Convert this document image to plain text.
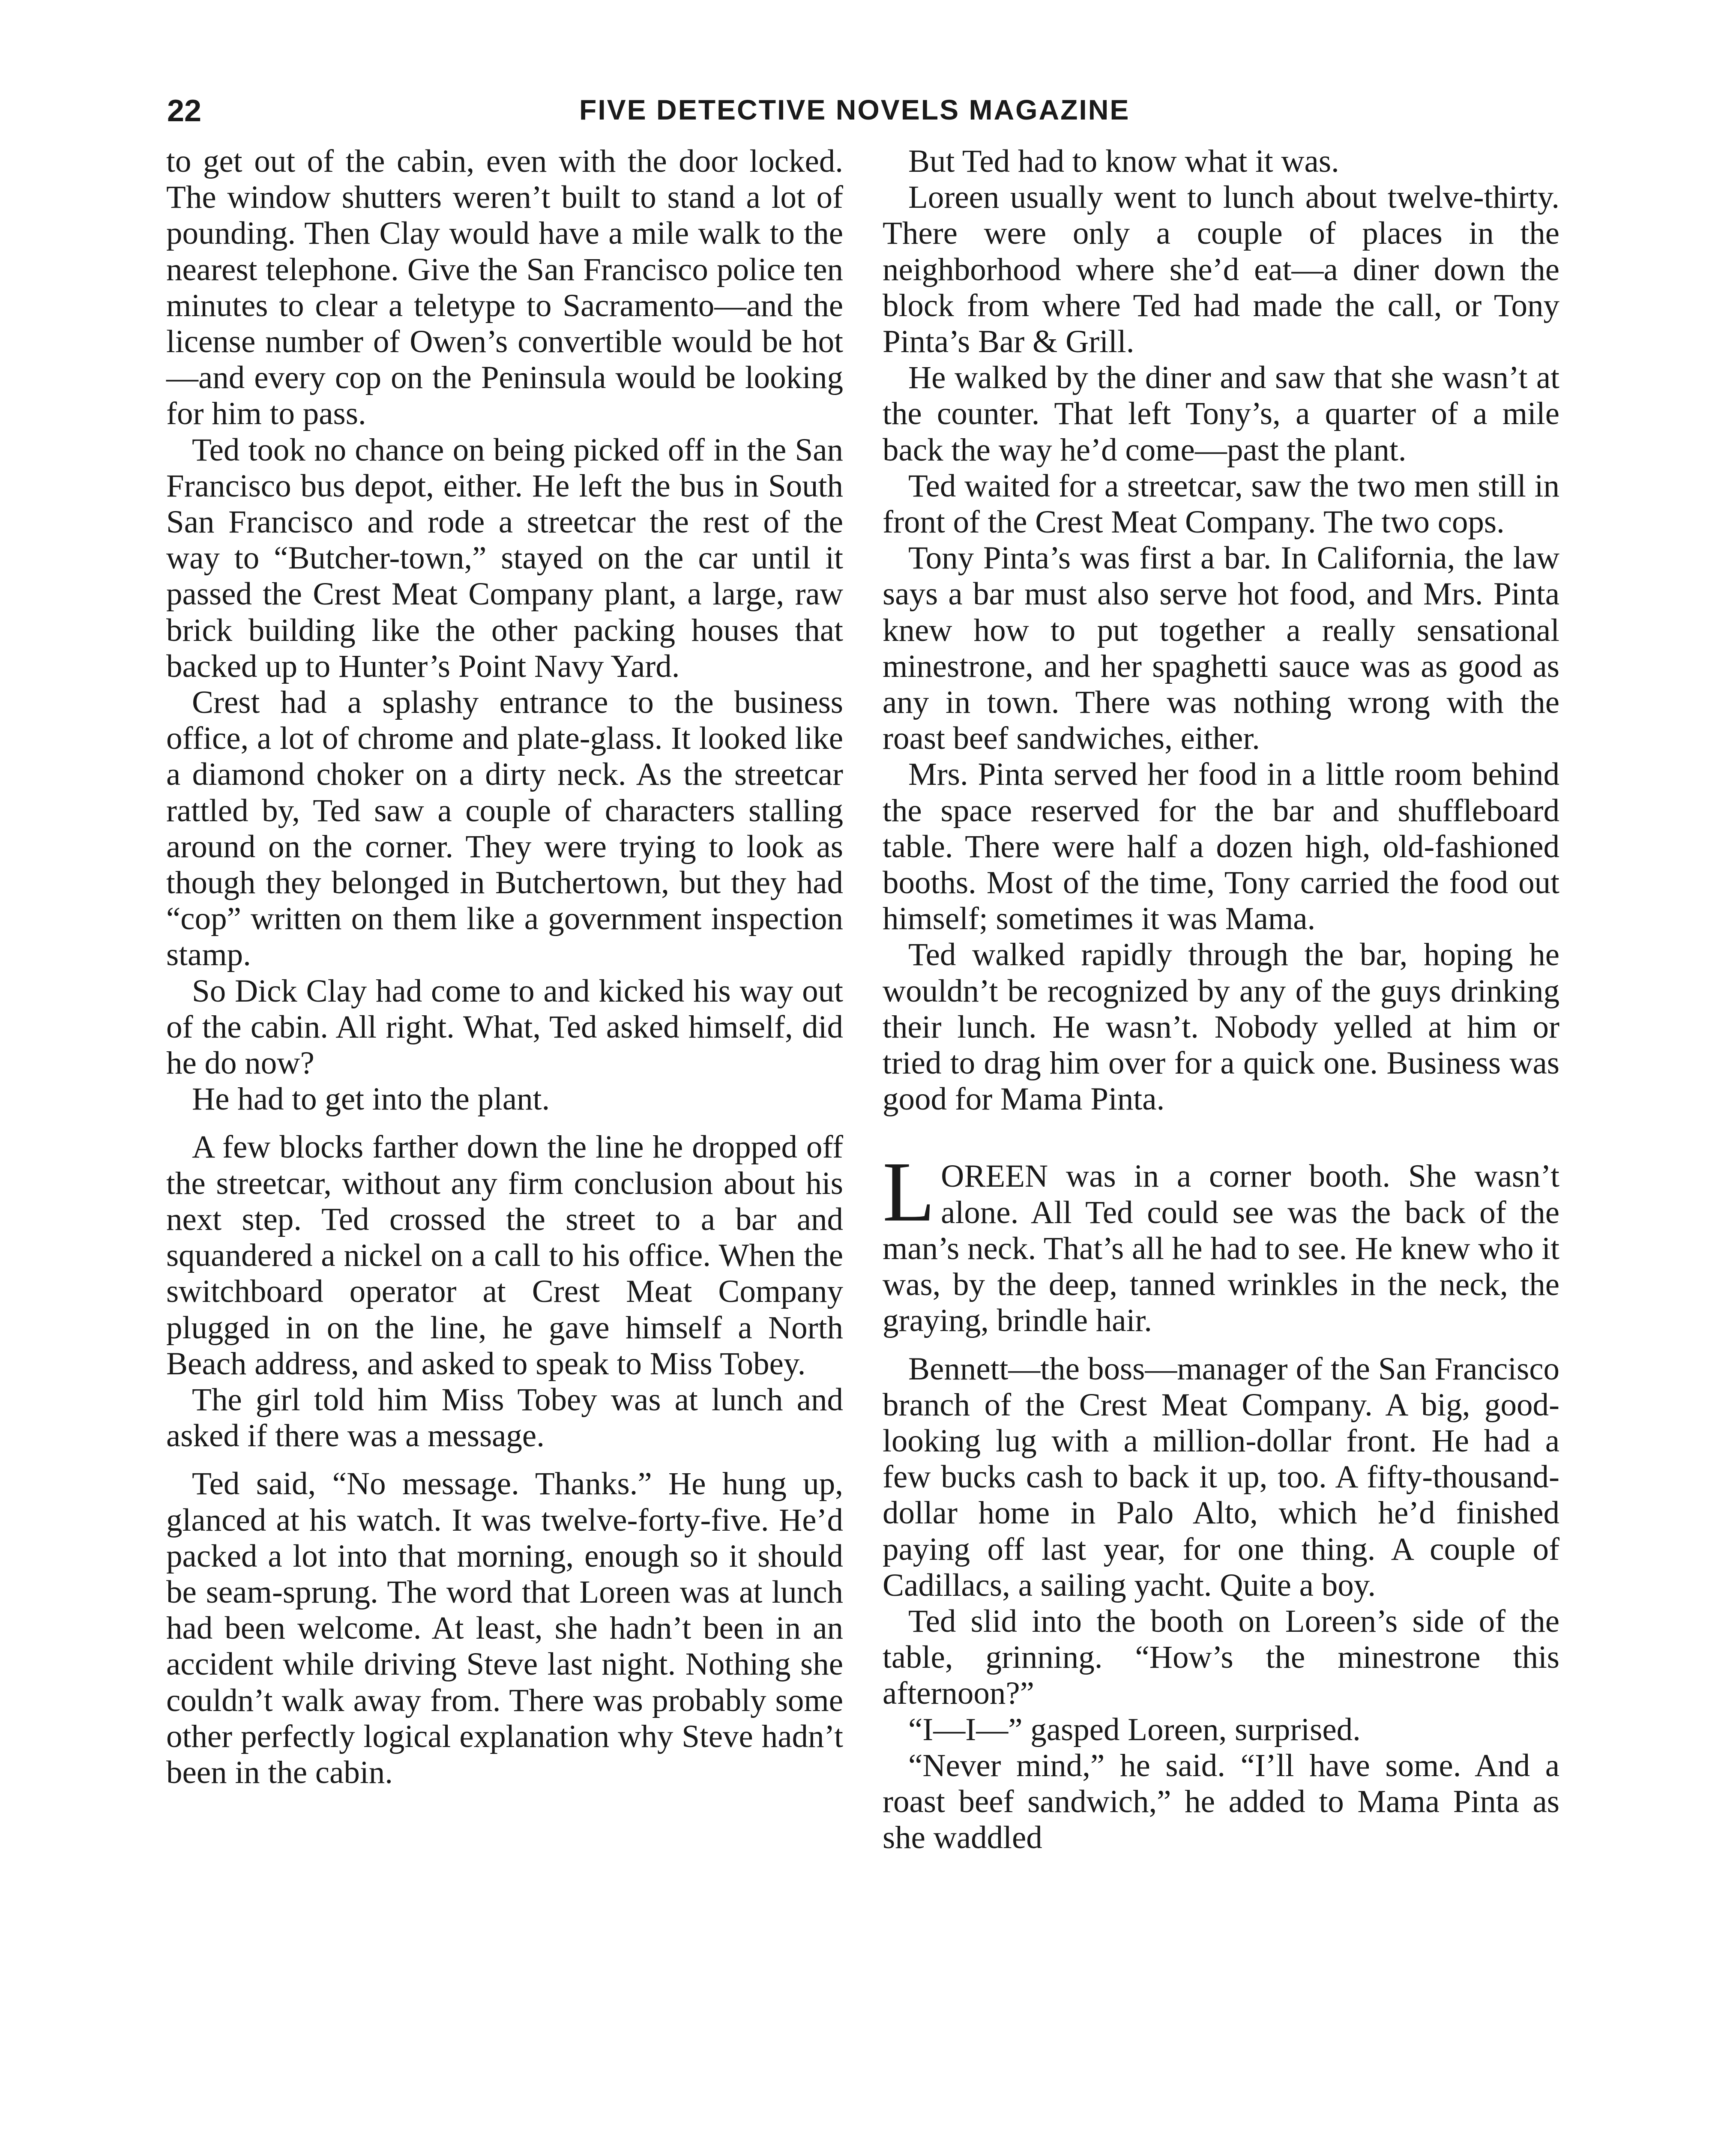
22	FIVE DETECTIVE NOVELS MAGAZINE

to get out of the cabin, even with the door locked. The window shutters weren’t built to stand a lot of pounding. Then Clay would have a mile walk to the nearest telephone. Give the San Francisco police ten minutes to clear a teletype to Sacramento—and the license number of Owen’s convertible would be hot—and every cop on the Peninsula would be looking for him to pass.

Ted took no chance on being picked off in the San Francisco bus depot, either. He left the bus in South San Francisco and rode a streetcar the rest of the way to “Butcher-town,” stayed on the car until it passed the Crest Meat Company plant, a large, raw brick building like the other packing houses that backed up to Hunter’s Point Navy Yard.

Crest had a splashy entrance to the business office, a lot of chrome and plate-glass. It looked like a diamond choker on a dirty neck. As the streetcar rattled by, Ted saw a couple of characters stalling around on the corner. They were trying to look as though they belonged in Butchertown, but they had “cop” written on them like a government inspection stamp.

So Dick Clay had come to and kicked his way out of the cabin. All right. What, Ted asked himself, did he do now?

He had to get into the plant.

A few blocks farther down the line he dropped off the streetcar, without any firm conclusion about his next step. Ted crossed the street to a bar and squandered a nickel on a call to his office. When the switchboard operator at Crest Meat Company plugged in on the line, he gave himself a North Beach address, and asked to speak to Miss Tobey.

The girl told him Miss Tobey was at lunch and asked if there was a message.

Ted said, “No message. Thanks.” He hung up, glanced at his watch. It was twelve-forty-five. He’d packed a lot into that morning, enough so it should be seam-sprung. The word that Loreen was at lunch had been welcome. At least, she hadn’t been in an accident while driving Steve last night. Nothing she couldn’t walk away from. There was probably some other perfectly logical explanation why Steve hadn’t been in the cabin.

But Ted had to know what it was.

Loreen usually went to lunch about twelve-thirty. There were only a couple of places in the neighborhood where she’d eat—a diner down the block from where Ted had made the call, or Tony Pinta’s Bar & Grill.

He walked by the diner and saw that she wasn’t at the counter. That left Tony’s, a quarter of a mile back the way he’d come—past the plant.

Ted waited for a streetcar, saw the two men still in front of the Crest Meat Company. The two cops.

Tony Pinta’s was first a bar. In California, the law says a bar must also serve hot food, and Mrs. Pinta knew how to put together a really sensational minestrone, and her spaghetti sauce was as good as any in town. There was nothing wrong with the roast beef sandwiches, either.

Mrs. Pinta served her food in a little room behind the space reserved for the bar and shuffleboard table. There were half a dozen high, old-fashioned booths. Most of the time, Tony carried the food out himself; sometimes it was Mama.

Ted walked rapidly through the bar, hoping he wouldn’t be recognized by any of the guys drinking their lunch. He wasn’t. Nobody yelled at him or tried to drag him over for a quick one. Business was good for Mama Pinta.

LOREEN was in a corner booth. She wasn’t alone. All Ted could see was the back of the man’s neck. That’s all he had to see. He knew who it was, by the deep, tanned wrinkles in the neck, the graying, brindle hair.

Bennett—the boss—manager of the San Francisco branch of the Crest Meat Company. A big, good-looking lug with a million-dollar front. He had a few bucks cash to back it up, too. A fifty-thousand-dollar home in Palo Alto, which he’d finished paying off last year, for one thing. A couple of Cadillacs, a sailing yacht. Quite a boy.

Ted slid into the booth on Loreen’s side of the table, grinning. “How’s the minestrone this afternoon?”

“I—I—” gasped Loreen, surprised.

“Never mind,” he said. “I’ll have some. And a roast beef sandwich,” he added to Mama Pinta as she waddled
